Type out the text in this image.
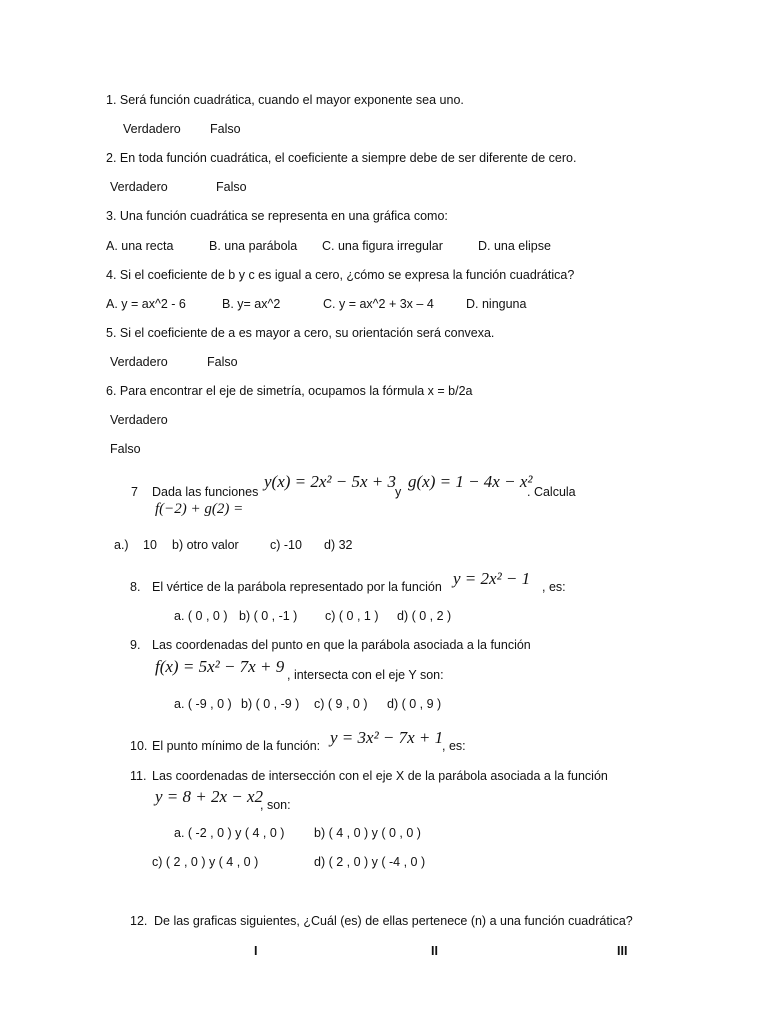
1. Será función cuadrática, cuando el mayor exponente sea uno.
Verdadero Falso
2. En toda función cuadrática, el coeficiente a siempre debe de ser diferente de cero.
Verdadero	Falso
3. Una función cuadrática se representa en una gráfica como:
A. una recta	B. una parábola C. una figura irregular	D. una elipse
4. Si el coeficiente de b y c es igual a cero, ¿cómo se expresa la función cuadrática?
A. y = ax^2 - 6	B. y= ax^2	C. y = ax^2 + 3x – 4	D. ninguna
5. Si el coeficiente de a es mayor a cero, su orientación será convexa.
Verdadero	Falso
6. Para encontrar el eje de simetría, ocupamos la fórmula x = b/2a
Verdadero
Falso
7 Dada las funciones
y(x) = 2x² − 5x + 3
y
g(x) = 1 − 4x − x²
. Calcula
f(−2) + g(2) =
a.) 10 b) otro valor	c) -10 d) 32
8. El vértice de la parábola representado por la función y = 2x² − 1 , es:
a. ( 0 , 0 ) b) ( 0 , -1 ) c) ( 0 , 1 ) d) ( 0 , 2 )
9. Las coordenadas del punto en que la parábola asociada a la función
f(x) = 5x² − 7x + 9 , intersecta con el eje Y son:
a. ( -9 , 0 ) b) ( 0 , -9 ) c) ( 9 , 0 ) d) ( 0 , 9 )
10. El punto mínimo de la función: y = 3x² − 7x + 1
, es:
11. Las coordenadas de intersección con el eje X de la parábola asociada a la función
y = 8 + 2x − x2
, son:
a. ( -2 , 0 ) y ( 4 , 0 ) b) ( 4 , 0 ) y ( 0 , 0 )
c) ( 2 , 0 ) y ( 4 , 0 )	d) ( 2 , 0 ) y ( -4 , 0 )
12. De las graficas siguientes, ¿Cuál (es) de ellas pertenece (n) a una función cuadrática?
I	II	III
